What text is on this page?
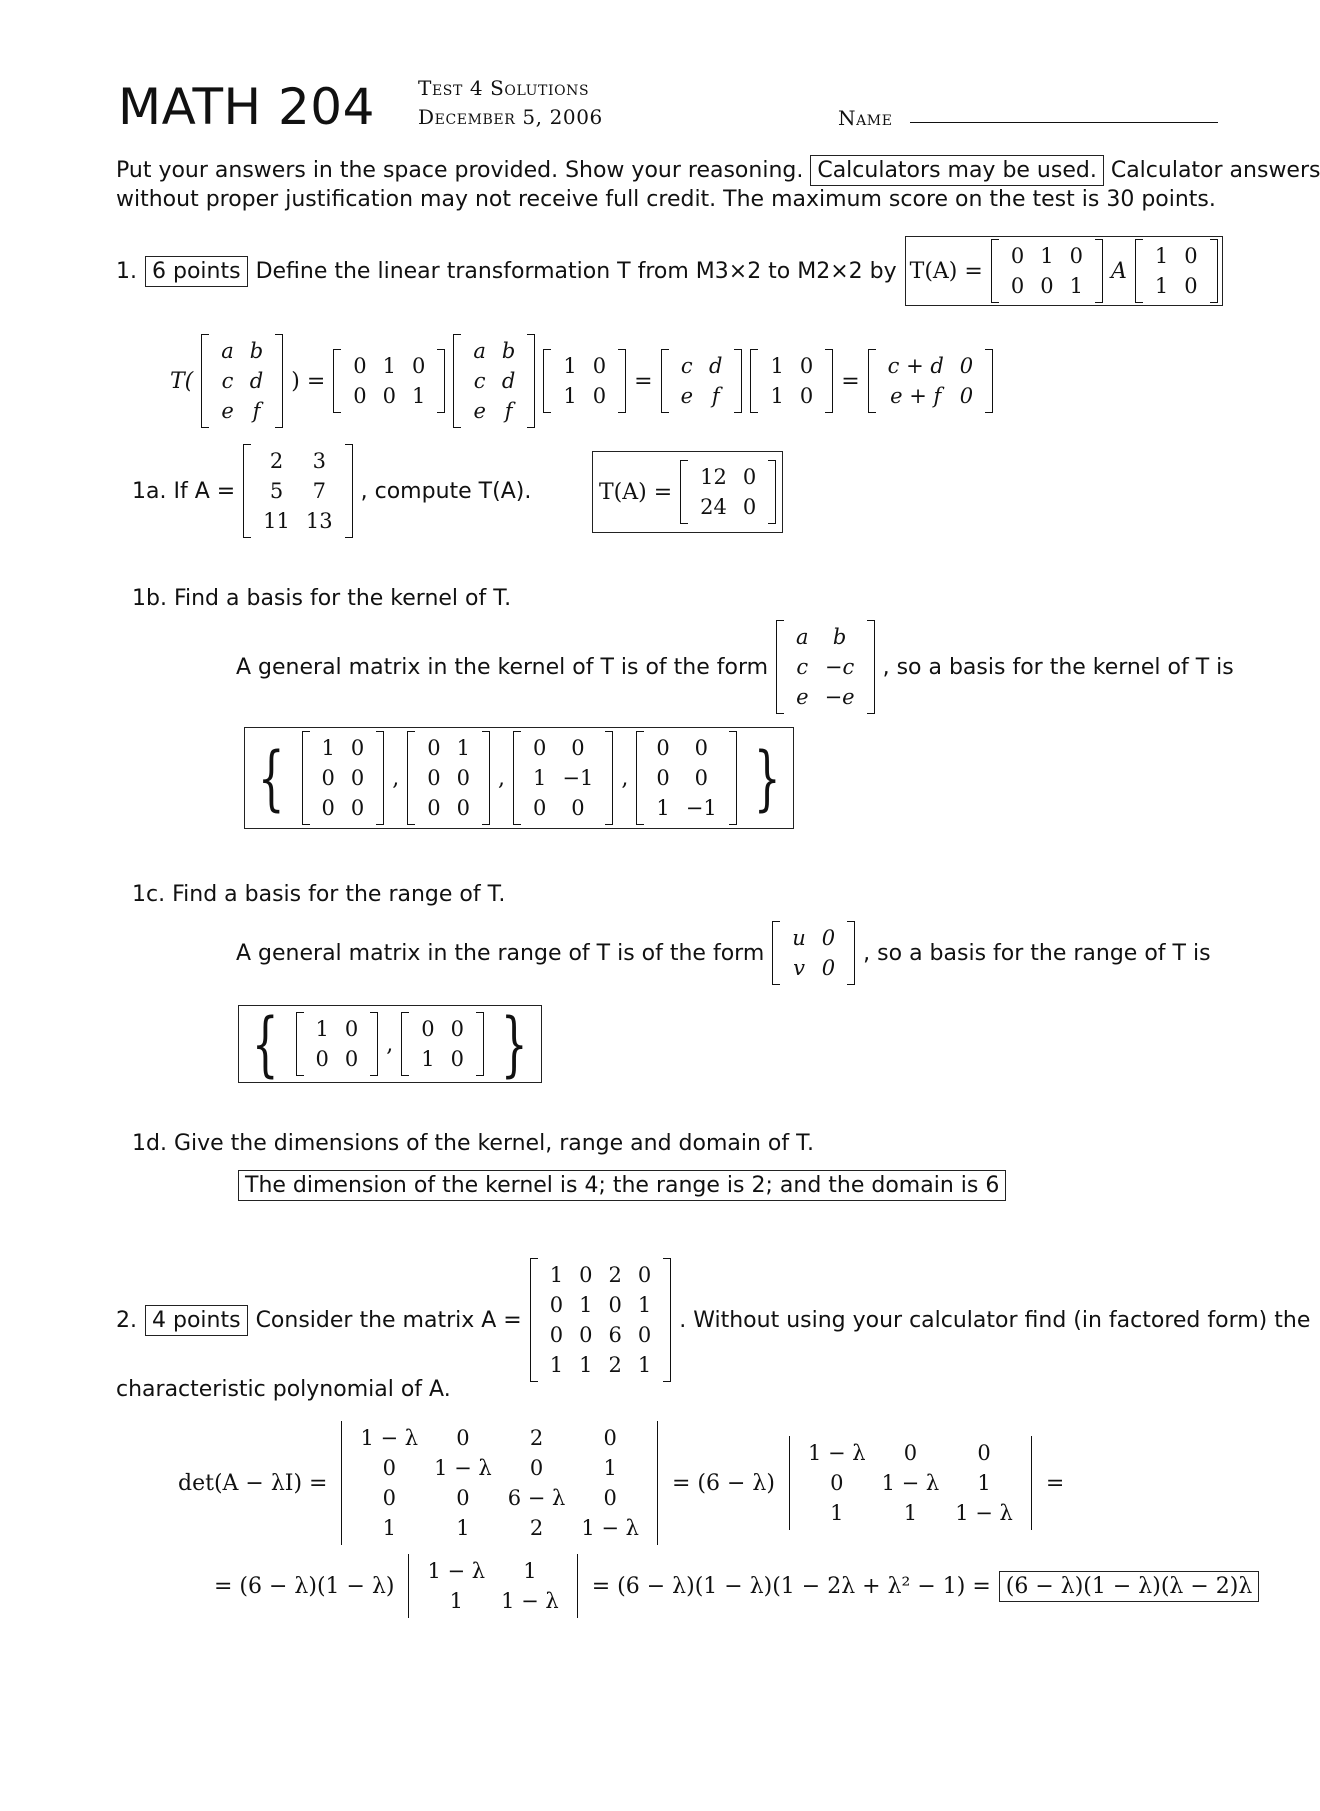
MATH 204 Test 4 Solutions
December 5, 2006	Name
Put your answers in the space provided. Show your reasoning. Calculators may be used. Calculator answers
without proper justification may not receive full credit. The maximum score on the test is 30 points.
1. 6 points Define the linear transformation T from M3×2 to M2×2 by T(A) =
0	1	0
0	0	1
A
1	0
1	0
T(
a	b
c	d
e	f
) =
0	1	0
0	0	1
a	b
c	d
e	f
1	0
1	0
=
c	d
e	f
1	0
1	0
=
c + d	0
e + f	0
1a. If A =
2	3
5	7
11	13
, compute T(A).	T(A) =
12	0
24	0
1b. Find a basis for the kernel of T.
A general matrix in the kernel of T is of the form
a	b
c	−c
e	−e
, so a basis for the kernel of T is
{ 1	0
0	0
0	0
,
0	1
0	0
0	0
,
0	0
1	−1
0	0
,
0	0
0	0
1	−1 }
1c. Find a basis for the range of T.
A general matrix in the range of T is of the form
u	0
v	0
, so a basis for the range of T is
{ 1	0
0	0
,
0	0
1	0 }
1d. Give the dimensions of the kernel, range and domain of T.
The dimension of the kernel is 4; the range is 2; and the domain is 6
2. 4 points Consider the matrix A =
1	0	2	0
0	1	0	1
0	0	6	0
1	1	2	1
. Without using your calculator find (in factored form) the
characteristic polynomial of A.
det(A − λI) =
1 − λ	0	2	0
0	1 − λ	0	1
0	0	6 − λ	0
1	1	2	1 − λ
= (6 − λ)
1 − λ	0	0
0	1 − λ	1
1	1	1 − λ
=
= (6 − λ)(1 − λ)
1 − λ	1
1	1 − λ
= (6 − λ)(1 − λ)(1 − 2λ + λ² − 1) = (6 − λ)(1 − λ)(λ − 2)λ
